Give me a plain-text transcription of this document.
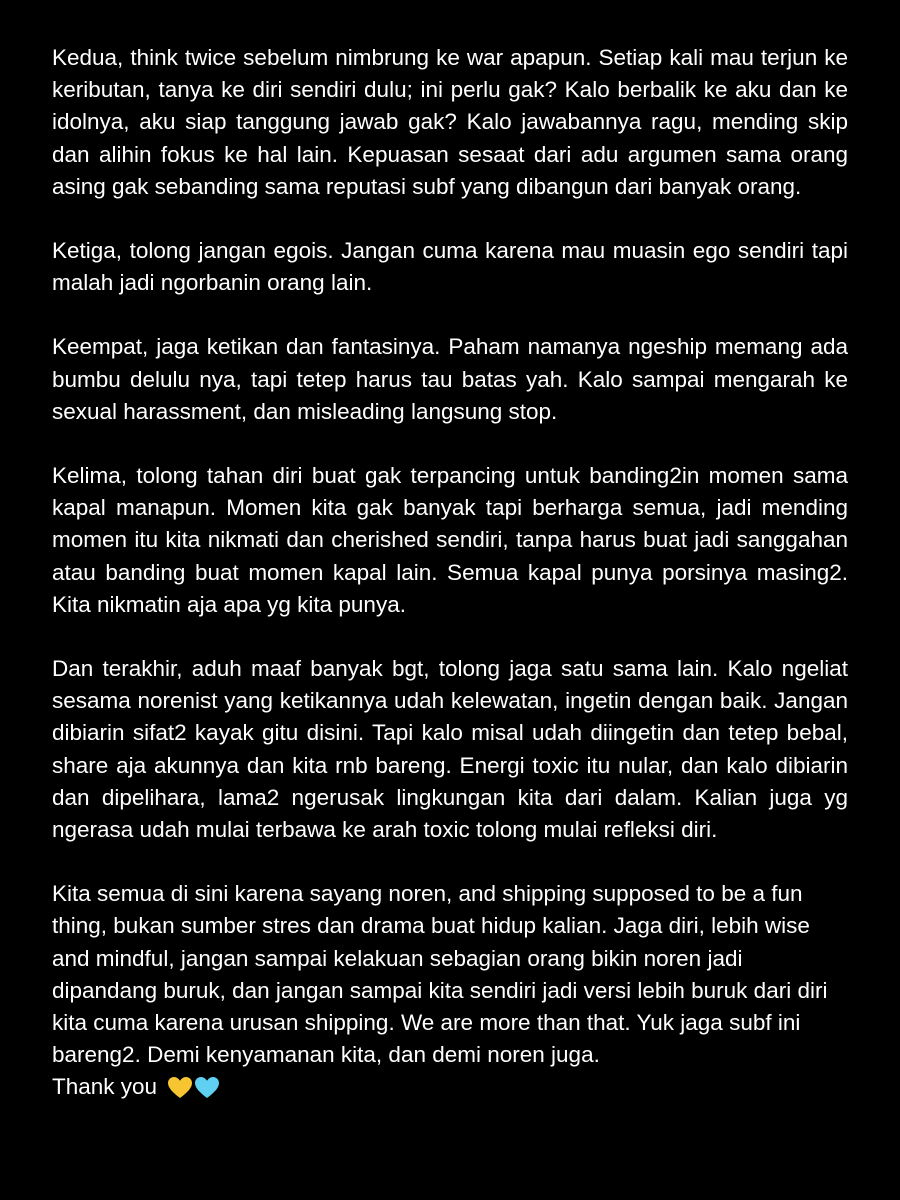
Kedua, think twice sebelum nimbrung ke war apapun. Setiap kali mau terjun ke keributan, tanya ke diri sendiri dulu; ini perlu gak? Kalo berbalik ke aku dan ke idolnya, aku siap tanggung jawab gak? Kalo jawabannya ragu, mending skip dan alihin fokus ke hal lain. Kepuasan sesaat dari adu argumen sama orang asing gak sebanding sama reputasi subf yang dibangun dari banyak orang.

Ketiga, tolong jangan egois. Jangan cuma karena mau muasin ego sendiri tapi malah jadi ngorbanin orang lain.

Keempat, jaga ketikan dan fantasinya. Paham namanya ngeship memang ada bumbu delulu nya, tapi tetep harus tau batas yah. Kalo sampai mengarah ke sexual harassment, dan misleading langsung stop.

Kelima, tolong tahan diri buat gak terpancing untuk banding2in momen sama kapal manapun. Momen kita gak banyak tapi berharga semua, jadi mending momen itu kita nikmati dan cherished sendiri, tanpa harus buat jadi sanggahan atau banding buat momen kapal lain. Semua kapal punya porsinya masing2. Kita nikmatin aja apa yg kita punya.

Dan terakhir, aduh maaf banyak bgt, tolong jaga satu sama lain. Kalo ngeliat sesama norenist yang ketikannya udah kelewatan, ingetin dengan baik. Jangan dibiarin sifat2 kayak gitu disini. Tapi kalo misal udah diingetin dan tetep bebal, share aja akunnya dan kita rnb bareng. Energi toxic itu nular, dan kalo dibiarin dan dipelihara, lama2 ngerusak lingkungan kita dari dalam. Kalian juga yg ngerasa udah mulai terbawa ke arah toxic tolong mulai refleksi diri.

Kita semua di sini karena sayang noren, and shipping supposed to be a fun thing, bukan sumber stres dan drama buat hidup kalian. Jaga diri, lebih wise and mindful, jangan sampai kelakuan sebagian orang bikin noren jadi dipandang buruk, dan jangan sampai kita sendiri jadi versi lebih buruk dari diri kita cuma karena urusan shipping. We are more than that. Yuk jaga subf ini bareng2. Demi kenyamanan kita, dan demi noren juga.

Thank you
